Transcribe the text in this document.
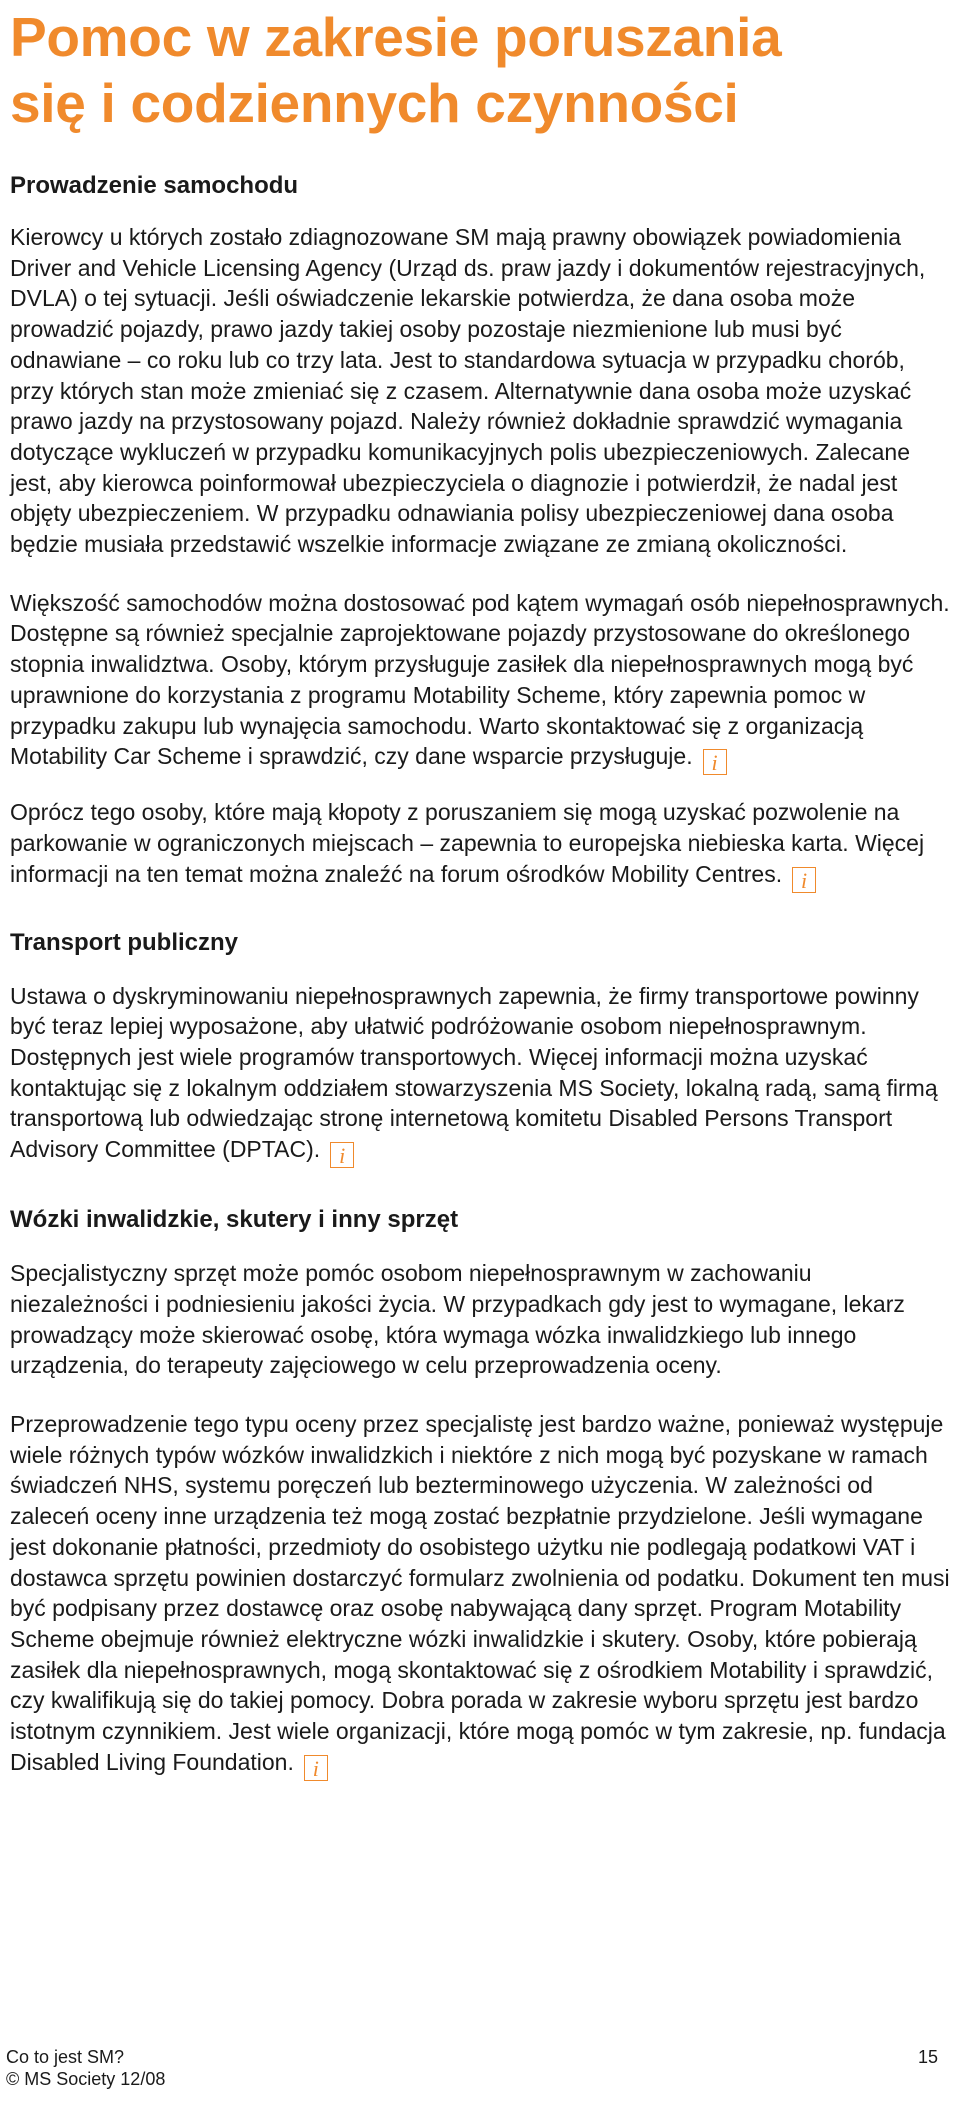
Pomoc w zakresie poruszania
się i codziennych czynności
Prowadzenie samochodu

Kierowcy u których zostało zdiagnozowane SM mają prawny obowiązek powiadomienia Driver and Vehicle Licensing Agency (Urząd ds. praw jazdy i dokumentów rejestracyjnych, DVLA) o tej sytuacji. Jeśli oświadczenie lekarskie potwierdza, że dana osoba może prowadzić pojazdy, prawo jazdy takiej osoby pozostaje niezmienione lub musi być odnawiane – co roku lub co trzy lata. Jest to standardowa sytuacja w przypadku chorób, przy których stan może zmieniać się z czasem. Alternatywnie dana osoba może uzyskać prawo jazdy na przystosowany pojazd. Należy również dokładnie sprawdzić wymagania dotyczące wykluczeń w przypadku komunikacyjnych polis ubezpieczeniowych. Zalecane jest, aby kierowca poinformował ubezpieczyciela o diagnozie i potwierdził, że nadal jest objęty ubezpieczeniem. W przypadku odnawiania polisy ubezpieczeniowej dana osoba będzie musiała przedstawić wszelkie informacje związane ze zmianą okoliczności.

Większość samochodów można dostosować pod kątem wymagań osób niepełnosprawnych. Dostępne są również specjalnie zaprojektowane pojazdy przystosowane do określonego stopnia inwalidztwa. Osoby, którym przysługuje zasiłek dla niepełnosprawnych mogą być uprawnione do korzystania z programu Motability Scheme, który zapewnia pomoc w przypadku zakupu lub wynajęcia samochodu. Warto skontaktować się z organizacją Motability Car Scheme i sprawdzić, czy dane wsparcie przysługuje. i

Oprócz tego osoby, które mają kłopoty z poruszaniem się mogą uzyskać pozwolenie na parkowanie w ograniczonych miejscach – zapewnia to europejska niebieska karta. Więcej informacji na ten temat można znaleźć na forum ośrodków Mobility Centres. i

Transport publiczny

Ustawa o dyskryminowaniu niepełnosprawnych zapewnia, że firmy transportowe powinny być teraz lepiej wyposażone, aby ułatwić podróżowanie osobom niepełnosprawnym. Dostępnych jest wiele programów transportowych. Więcej informacji można uzyskać kontaktując się z lokalnym oddziałem stowarzyszenia MS Society, lokalną radą, samą firmą transportową lub odwiedzając stronę internetową komitetu Disabled Persons Transport Advisory Committee (DPTAC). i

Wózki inwalidzkie, skutery i inny sprzęt

Specjalistyczny sprzęt może pomóc osobom niepełnosprawnym w zachowaniu niezależności i podniesieniu jakości życia. W przypadkach gdy jest to wymagane, lekarz prowadzący może skierować osobę, która wymaga wózka inwalidzkiego lub innego urządzenia, do terapeuty zajęciowego w celu przeprowadzenia oceny.

Przeprowadzenie tego typu oceny przez specjalistę jest bardzo ważne, ponieważ występuje wiele różnych typów wózków inwalidzkich i niektóre z nich mogą być pozyskane w ramach świadczeń NHS, systemu poręczeń lub bezterminowego użyczenia. W zależności od zaleceń oceny inne urządzenia też mogą zostać bezpłatnie przydzielone. Jeśli wymagane jest dokonanie płatności, przedmioty do osobistego użytku nie podlegają podatkowi VAT i dostawca sprzętu powinien dostarczyć formularz zwolnienia od podatku. Dokument ten musi być podpisany przez dostawcę oraz osobę nabywającą dany sprzęt. Program Motability Scheme obejmuje również elektryczne wózki inwalidzkie i skutery. Osoby, które pobierają zasiłek dla niepełnosprawnych, mogą skontaktować się z ośrodkiem Motability i sprawdzić, czy kwalifikują się do takiej pomocy. Dobra porada w zakresie wyboru sprzętu jest bardzo istotnym czynnikiem. Jest wiele organizacji, które mogą pomóc w tym zakresie, np. fundacja Disabled Living Foundation. i

Co to jest SM?
© MS Society 12/08
15
